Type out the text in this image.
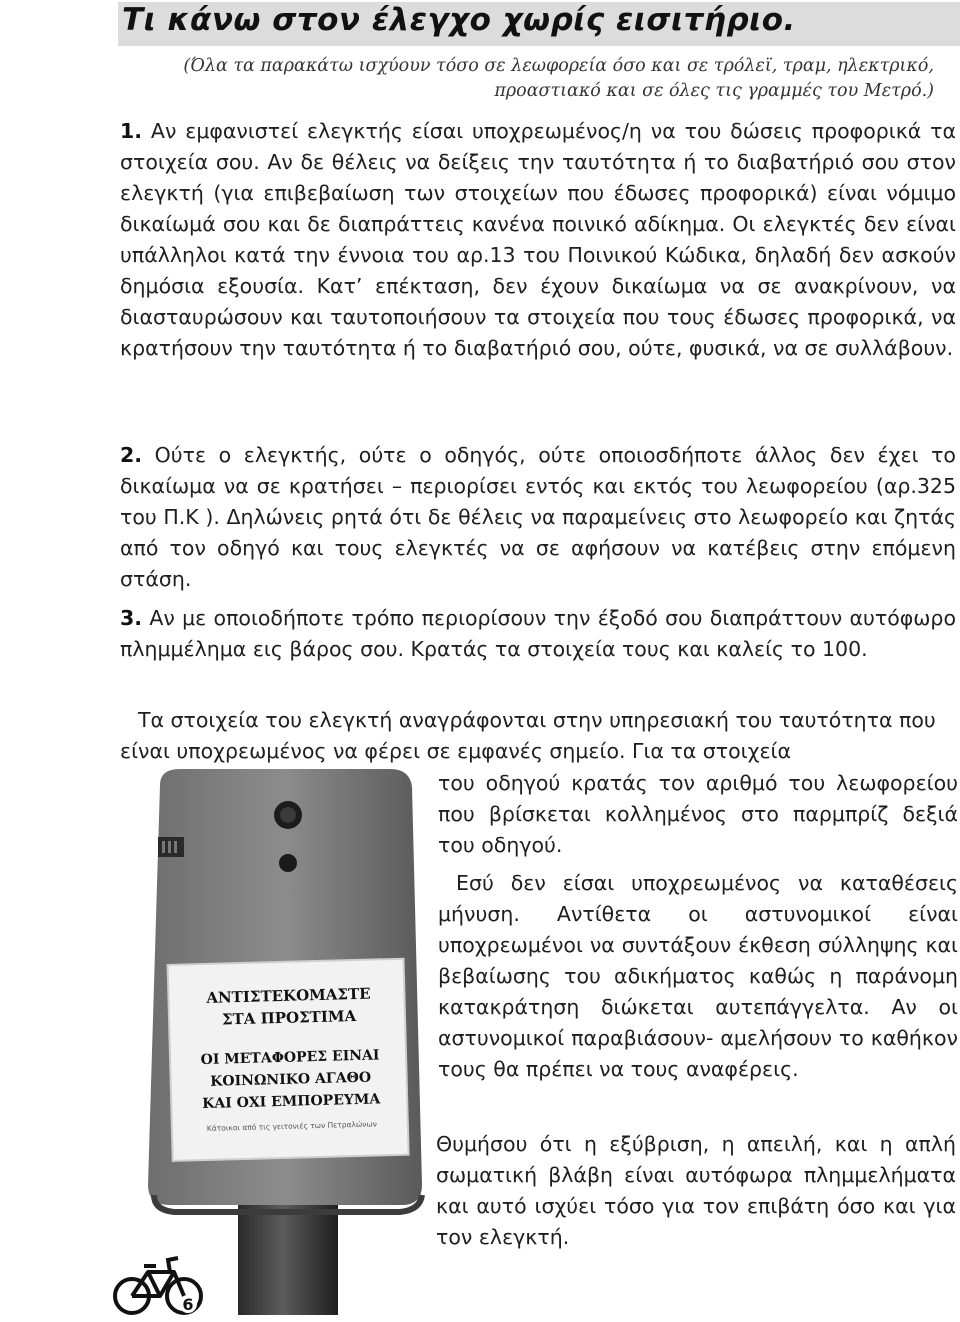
Τι κάνω στον έλεγχο χωρίς εισιτήριο.
(Όλα τα παρακάτω ισχύουν τόσο σε λεωφορεία όσο και σε τρόλεϊ, τραμ, ηλεκτρικό, προαστιακό και σε όλες τις γραμμές του Μετρό.)
1. Αν εμφανιστεί ελεγκτής είσαι υποχρεωμένος/η να του δώσεις προφορικά τα στοιχεία σου. Αν δε θέλεις να δείξεις την ταυτότητα ή το διαβατήριό σου στον ελεγκτή (για επιβεβαίωση των στοιχείων που έδωσες προφορικά) είναι νόμιμο δικαίωμά σου και δε διαπράττεις κανένα ποινικό αδίκημα. Οι ελεγκτές δεν είναι υπάλληλοι κατά την έννοια του αρ.13 του Ποινικού Κώδικα, δηλαδή δεν ασκούν δημόσια εξουσία. Κατ’ επέκταση, δεν έχουν δικαίωμα να σε ανακρίνουν, να διασταυρώσουν και ταυτοποιήσουν τα στοιχεία που τους έδωσες προφορικά, να κρατήσουν την ταυτότητα ή το διαβατήριό σου, ούτε, φυσικά, να σε συλλάβουν.
2. Ούτε ο ελεγκτής, ούτε ο οδηγός, ούτε οποιοσδήποτε άλλος δεν έχει το δικαίωμα να σε κρατήσει – περιορίσει εντός και εκτός του λεωφορείου (αρ.325 του Π.Κ ). Δηλώνεις ρητά ότι δε θέλεις να παραμείνεις στο λεωφορείο και ζητάς από τον οδηγό και τους ελεγκτές να σε αφήσουν να κατέβεις στην επόμενη στάση.
3. Αν με οποιοδήποτε τρόπο περιορίσουν την έξοδό σου διαπράττουν αυτόφωρο πλημμέλημα εις βάρος σου. Κρατάς τα στοιχεία τους και καλείς το 100.
Τα στοιχεία του ελεγκτή αναγράφονται στην υπηρεσιακή του ταυτότητα που είναι υποχρεωμένος να φέρει σε εμφανές σημείο. Για τα στοιχεία
του οδηγού κρατάς τον αριθμό του λεωφορείου που βρίσκεται κολλημένος στο παρμπρίζ δεξιά του οδηγού.
Εσύ δεν είσαι υποχρεωμένος να καταθέσεις μήνυση. Αντίθετα οι αστυνομικοί είναι υποχρεωμένοι να συντάξουν έκθεση σύλληψης και βεβαίωσης του αδικήματος καθώς η παράνομη κατακράτηση διώκεται αυτεπάγγελτα. Αν οι αστυνομικοί παραβιάσουν- αμελήσουν το καθήκον τους θα πρέπει να τους αναφέρεις.
Θυμήσου ότι η εξύβριση, η απειλή, και η απλή σωματική βλάβη είναι αυτόφωρα πλημμελήματα και αυτό ισχύει τόσο για τον επιβάτη όσο και για τον ελεγκτή.
ΑΝΤΙΣΤΕΚΟΜΑΣΤΕ
ΣΤΑ ΠΡΟΣΤΙΜΑ
ΟΙ ΜΕΤΑΦΟΡΕΣ ΕΙΝΑΙ
ΚΟΙΝΩΝΙΚΟ ΑΓΑΘΟ
ΚΑΙ ΟΧΙ ΕΜΠΟΡΕΥΜΑ
Κάτοικοι από τις γειτονιές των Πετραλώνων
6
